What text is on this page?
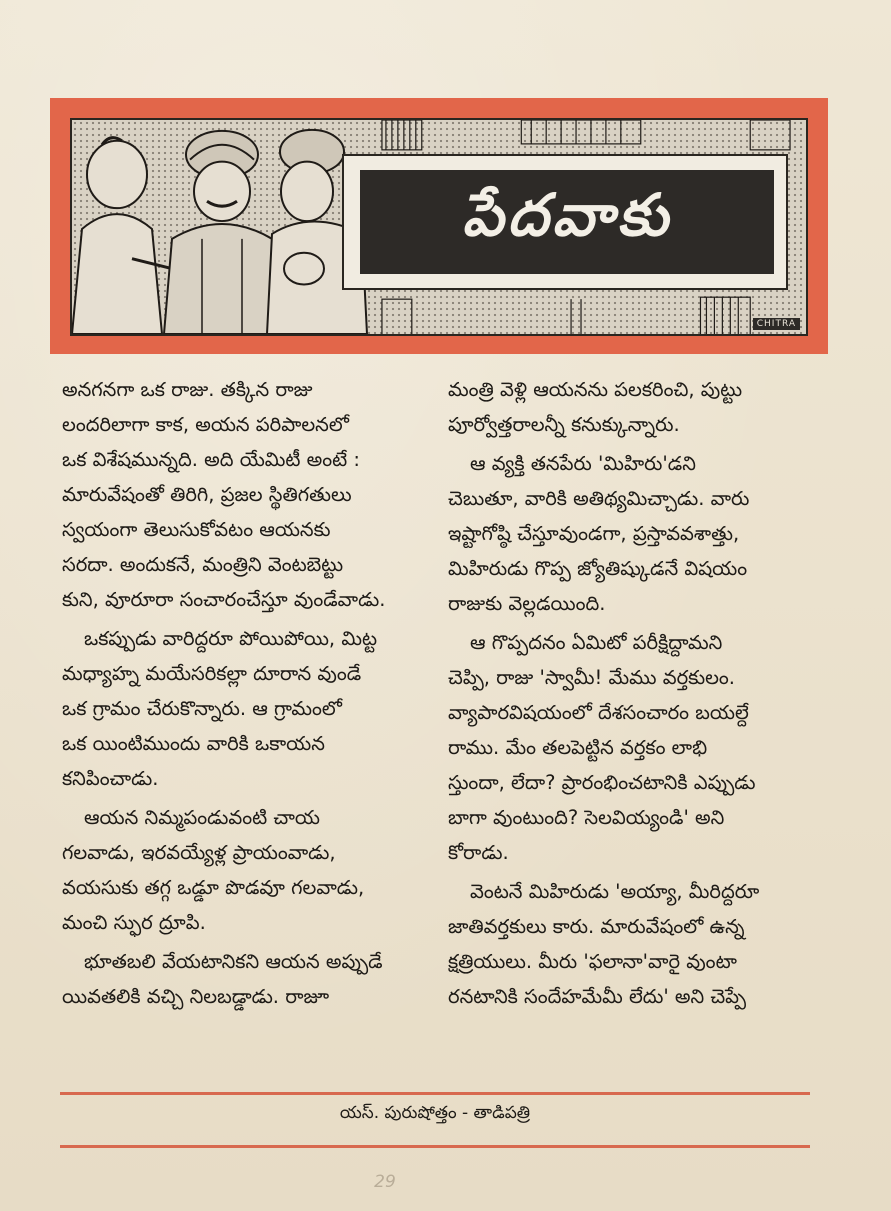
పేదవాకు
CHITRA

అనగనగా ఒక రాజు. తక్కిన రాజు
లందరిలాగా కాక, అయన పరిపాలనలో
ఒక విశేషమున్నది. అది యేమిటీ అంటే :
మారువేషంతో తిరిగి, ప్రజల స్థితిగతులు
స్వయంగా తెలుసుకోవటం ఆయనకు
సరదా. అందుకనే, మంత్రిని వెంటబెట్టు
కుని, వూరూరా సంచారంచేస్తూ వుండేవాడు.

ఒకప్పుడు వారిద్దరూ పోయిపోయి, మిట్ట
మధ్యాహ్న మయేసరికల్లా దూరాన వుండే
ఒక గ్రామం చేరుకొన్నారు. ఆ గ్రామంలో
ఒక యింటిముందు వారికి ఒకాయన
కనిపించాడు.

ఆయన నిమ్మపండువంటి చాయ
గలవాడు, ఇరవయ్యేళ్ల ప్రాయంవాడు,
వయసుకు తగ్గ ఒడ్డూ పొడవూ గలవాడు,
మంచి స్ఫుర ద్రూపి.

భూతబలి వేయటానికని ఆయన అప్పుడే
యివతలికి వచ్చి నిలబడ్డాడు. రాజూ

మంత్రి వెళ్లి ఆయనను పలకరించి, పుట్టు
పూర్వోత్తరాలన్నీ కనుక్కున్నారు.

ఆ వ్యక్తి తనపేరు 'మిహిరు'డని
చెబుతూ, వారికి అతిథ్యమిచ్చాడు. వారు
ఇష్టాగోష్ఠి చేస్తూవుండగా, ప్రస్తావవశాత్తు,
మిహిరుడు గొప్ప జ్యోతిష్కుడనే విషయం
రాజుకు వెల్లడయింది.

ఆ గొప్పదనం ఏమిటో పరీక్షిద్దామని
చెప్పి, రాజు 'స్వామీ! మేము వర్తకులం.
వ్యాపారవిషయంలో దేశసంచారం బయల్దే
రాము. మేం తలపెట్టిన వర్తకం లాభి
స్తుందా, లేదా? ప్రారంభించటానికి ఎప్పుడు
బాగా వుంటుంది? సెలవియ్యండి' అని
కోరాడు.

వెంటనే మిహిరుడు 'అయ్యా, మీరిద్దరూ
జాతివర్తకులు కారు. మారువేషంలో ఉన్న
క్షత్రియులు. మీరు 'ఫలానా'వారై వుంటా
రనటానికి సందేహమేమీ లేదు' అని చెప్పే

యస్. పురుషోత్తం - తాడిపత్రి
29
